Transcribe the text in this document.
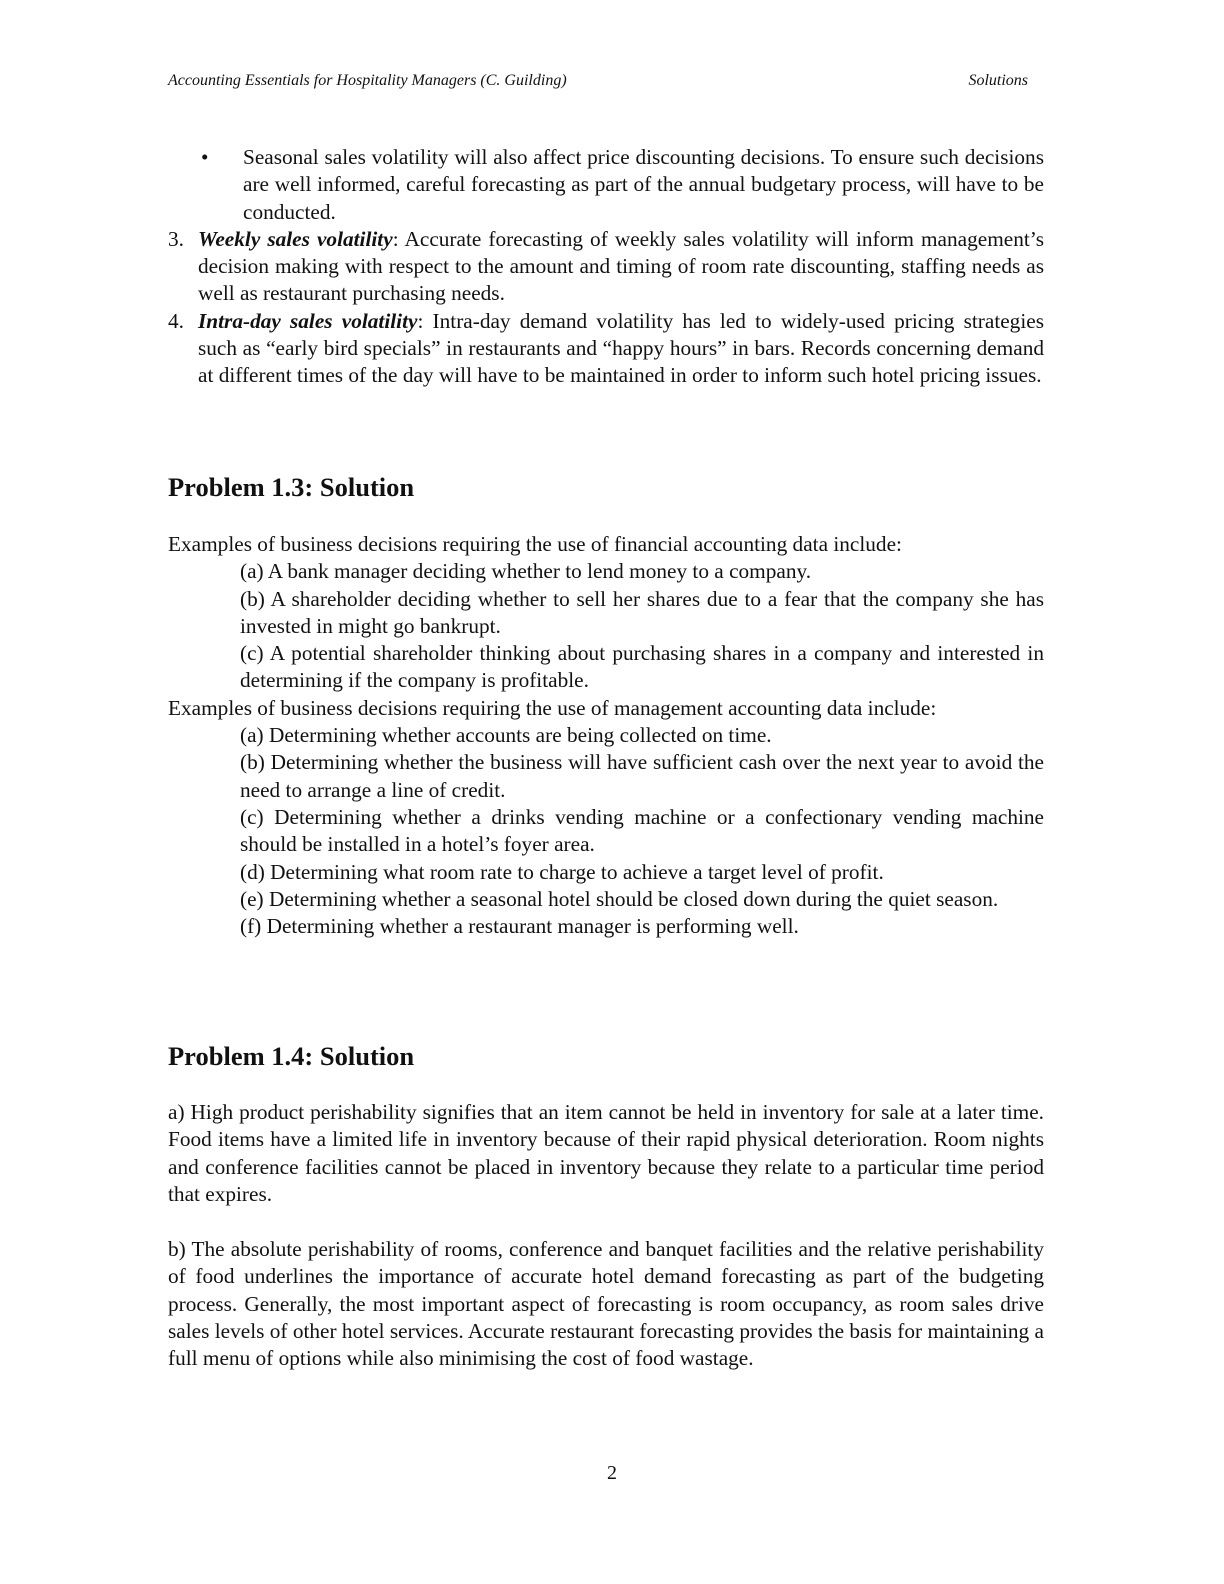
Accounting Essentials for Hospitality Managers (C. Guilding)	Solutions
• Seasonal sales volatility will also affect price discounting decisions. To ensure such decisions are well informed, careful forecasting as part of the annual budgetary process, will have to be conducted.
3. Weekly sales volatility: Accurate forecasting of weekly sales volatility will inform management’s decision making with respect to the amount and timing of room rate discounting, staffing needs as well as restaurant purchasing needs.
4. Intra-day sales volatility: Intra-day demand volatility has led to widely-used pricing strategies such as “early bird specials” in restaurants and “happy hours” in bars. Records concerning demand at different times of the day will have to be maintained in order to inform such hotel pricing issues.
Problem 1.3: Solution
Examples of business decisions requiring the use of financial accounting data include:
(a) A bank manager deciding whether to lend money to a company.
(b) A shareholder deciding whether to sell her shares due to a fear that the company she has invested in might go bankrupt.
(c) A potential shareholder thinking about purchasing shares in a company and interested in determining if the company is profitable.
Examples of business decisions requiring the use of management accounting data include:
(a) Determining whether accounts are being collected on time.
(b) Determining whether the business will have sufficient cash over the next year to avoid the need to arrange a line of credit.
(c) Determining whether a drinks vending machine or a confectionary vending machine should be installed in a hotel’s foyer area.
(d) Determining what room rate to charge to achieve a target level of profit.
(e) Determining whether a seasonal hotel should be closed down during the quiet season.
(f) Determining whether a restaurant manager is performing well.
Problem 1.4: Solution
a) High product perishability signifies that an item cannot be held in inventory for sale at a later time. Food items have a limited life in inventory because of their rapid physical deterioration. Room nights and conference facilities cannot be placed in inventory because they relate to a particular time period that expires.
b) The absolute perishability of rooms, conference and banquet facilities and the relative perishability of food underlines the importance of accurate hotel demand forecasting as part of the budgeting process. Generally, the most important aspect of forecasting is room occupancy, as room sales drive sales levels of other hotel services. Accurate restaurant forecasting provides the basis for maintaining a full menu of options while also minimising the cost of food wastage.
2
